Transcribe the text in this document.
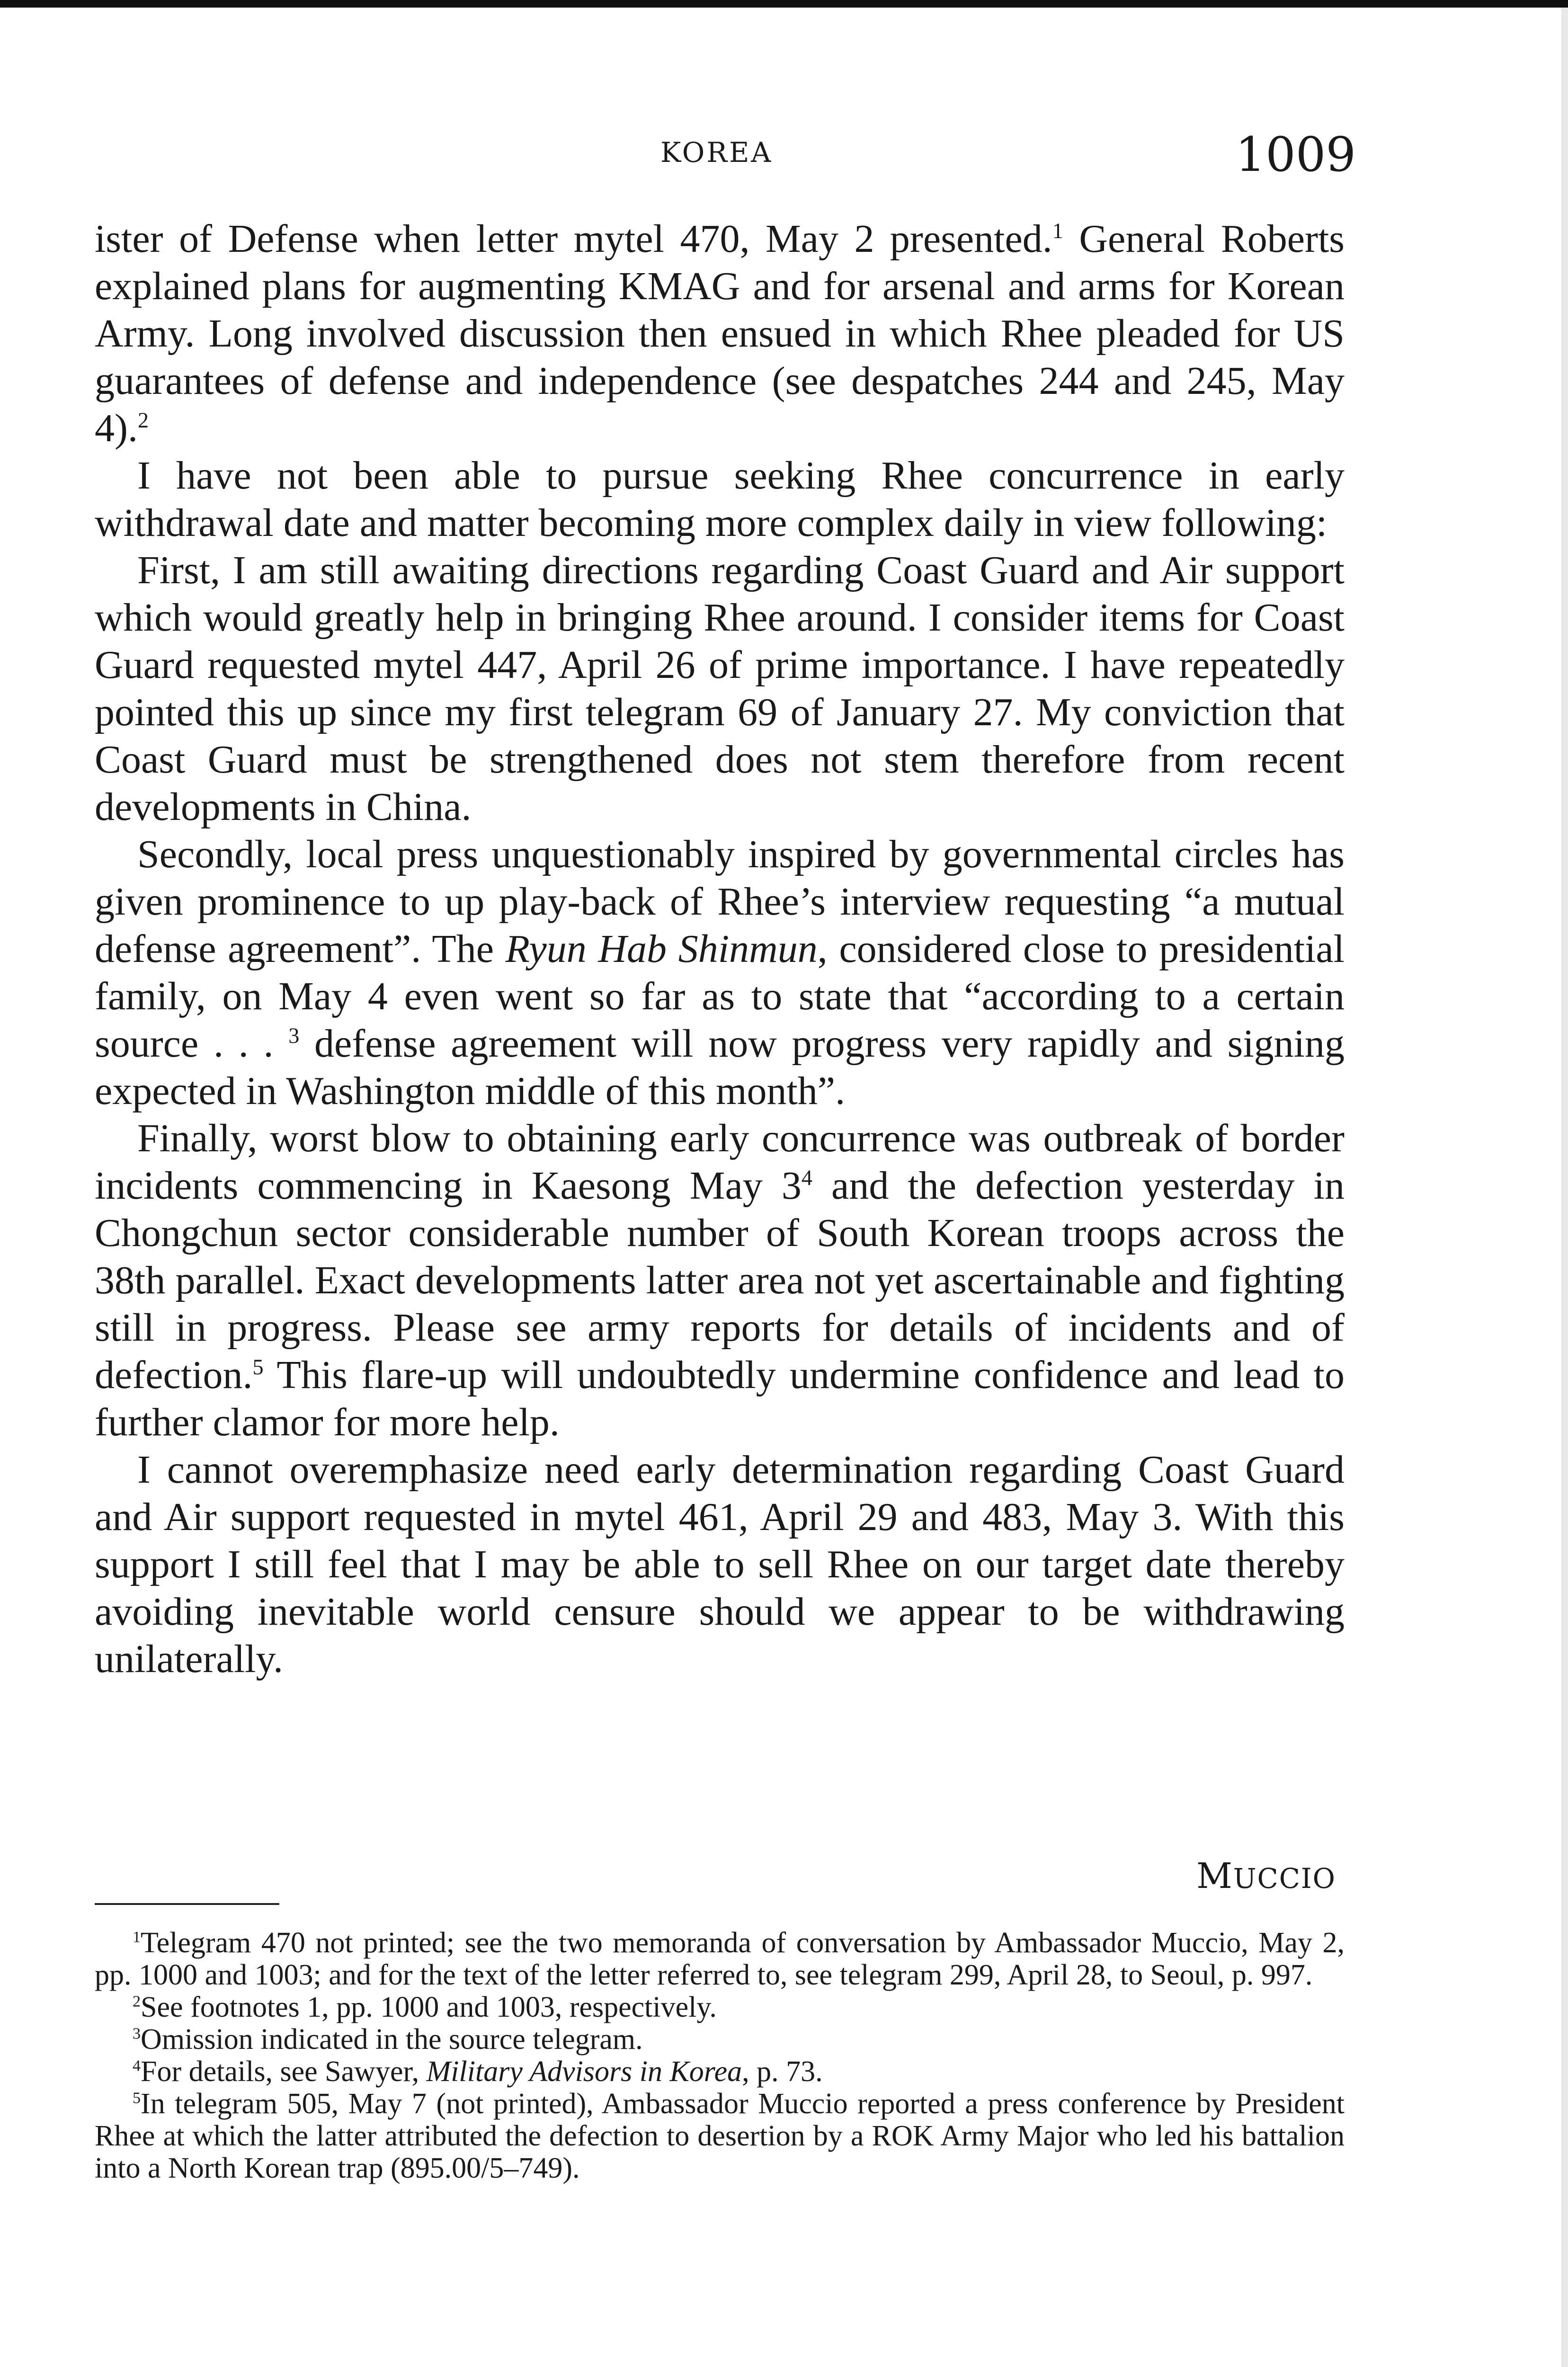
KOREA	1009

ister of Defense when letter mytel 470, May 2 presented.$^1$ General Roberts explained plans for augmenting KMAG and for arsenal and arms for Korean Army. Long involved discussion then ensued in which Rhee pleaded for US guarantees of defense and independence (see despatches 244 and 245, May 4).$^2$

I have not been able to pursue seeking Rhee concurrence in early withdrawal date and matter becoming more complex daily in view following:

First, I am still awaiting directions regarding Coast Guard and Air support which would greatly help in bringing Rhee around. I consider items for Coast Guard requested mytel 447, April 26 of prime importance. I have repeatedly pointed this up since my first telegram 69 of January 27. My conviction that Coast Guard must be strengthened does not stem therefore from recent developments in China.

Secondly, local press unquestionably inspired by governmental circles has given prominence to up play-back of Rhee’s interview requesting “a mutual defense agreement”. The Ryun Hab Shinmun, considered close to presidential family, on May 4 even went so far as to state that “according to a certain source . . . $^3$ defense agreement will now progress very rapidly and signing expected in Washington middle of this month”.

Finally, worst blow to obtaining early concurrence was outbreak of border incidents commencing in Kaesong May $3^4$ and the defection yesterday in Chongchun sector considerable number of South Korean troops across the 38th parallel. Exact developments latter area not yet ascertainable and fighting still in progress. Please see army reports for details of incidents and of defection.$^5$ This flare-up will undoubtedly undermine confidence and lead to further clamor for more help.

I cannot overemphasize need early determination regarding Coast Guard and Air support requested in mytel 461, April 29 and 483, May 3. With this support I still feel that I may be able to sell Rhee on our target date thereby avoiding inevitable world censure should we appear to be withdrawing unilaterally.

MUCCIO

$^1$Telegram 470 not printed; see the two memoranda of conversation by Ambassador Muccio, May 2, pp. 1000 and 1003; and for the text of the letter referred to, see telegram 299, April 28, to Seoul, p. 997.

$^2$See footnotes 1, pp. 1000 and 1003, respectively.

$^3$Omission indicated in the source telegram.

$^4$For details, see Sawyer, Military Advisors in Korea, p. 73.

$^5$In telegram 505, May 7 (not printed), Ambassador Muccio reported a press conference by President Rhee at which the latter attributed the defection to desertion by a ROK Army Major who led his battalion into a North Korean trap (895.00/5–749).
